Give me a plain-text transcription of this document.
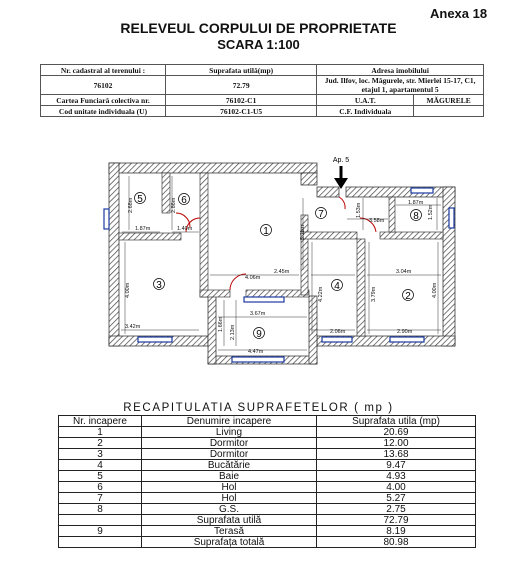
Anexa 18
RELEVEUL CORPULUI DE PROPRIETATE
SCARA 1:100
Nr. cadastral al terenului :	Suprafata utilă(mp)	Adresa imobilului	
76102	72.79	Jud. Ilfov, loc. Măgurele, str. Mierlei 15-17, C1,
etajul 1, apartamentul 5	
Cartea Funciară colectiva nr.	76102-C1	U.A.T.	MĂGURELE
Cod unitate individuala (U)	76102-C1-U5	C.F. Individuala	
Ap. 5
5	6
1
7	8
3	4
2
9
1.87m	1.40m
4.06m
2.45m	3.04m
3.42m
3.67m
4.47m
2.06m	2.90m
3.58m
1.87m
2.68m	2.86m
4.00m
5.11m
1.53m	1.52m
4.22m	3.79m	4.00m
1.66m
2.13m
RECAPITULATIA SUPRAFETELOR ( mp )
Nr. incapere	Denumire incapere	Suprafata utila (mp)
1	Living	20.69
2	Dormitor	12.00
3	Dormitor	13.68
4	Bucătărie	9.47
5	Baie	4.93
6	Hol	4.00
7	Hol	5.27
8	G.S.	2.75
	Suprafata utilă	72.79
9	Terasă	8.19
	Suprafața totală	80.98
